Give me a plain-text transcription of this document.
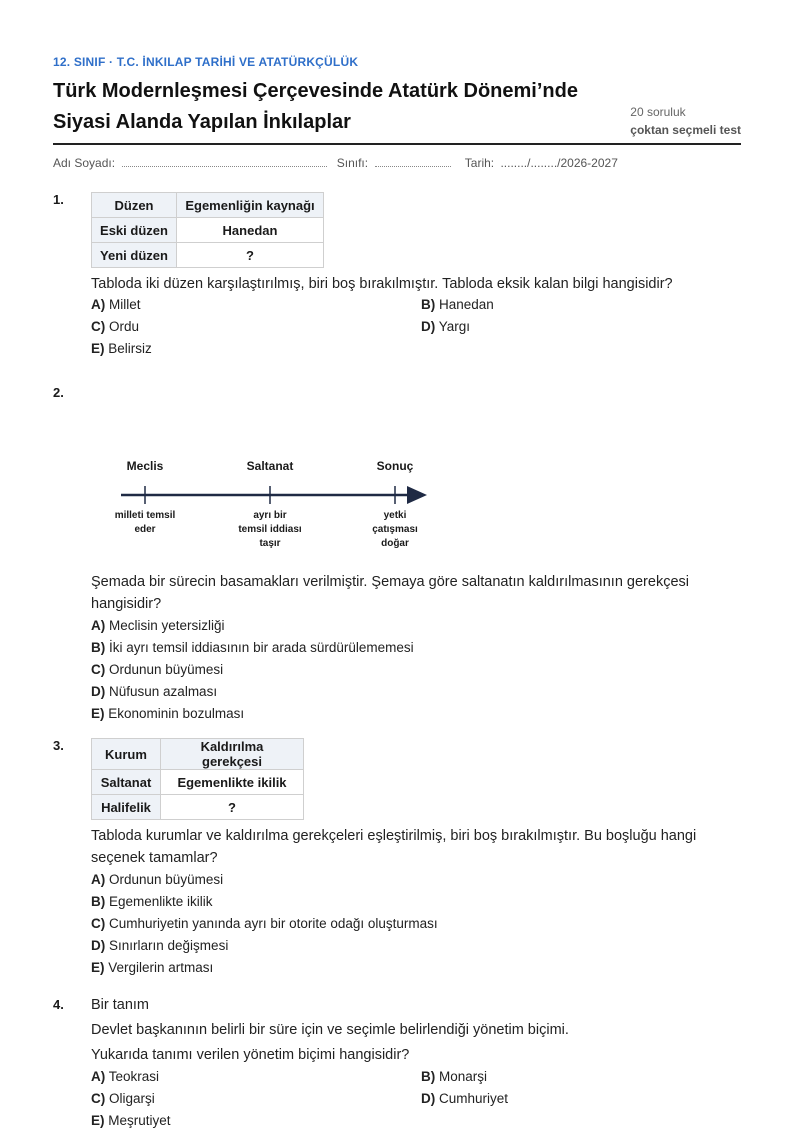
12. SINIF · T.C. İNKILAP TARİHİ VE ATATÜRKÇÜLÜK
Türk Modernleşmesi Çerçevesinde Atatürk Dönemi’nde
Siyasi Alanda Yapılan İnkılaplar	20 soruluk
çoktan seçmeli test
Adı Soyadı:	Sınıfı:	Tarih: ......../......../2026-2027
1.	Düzen	Egemenliğin kaynağı
Eski düzen	Hanedan
Yeni düzen	?
Tabloda iki düzen karşılaştırılmış, biri boş bırakılmıştır. Tabloda eksik kalan bilgi hangisidir?
A) Millet	B) Hanedan
C) Ordu	D) Yargı
E) Belirsiz
2.
Meclis	Saltanat	Sonuç
milleti temsil
eder
ayrı bir
temsil iddiası
taşır
yetki
çatışması
doğar
Şemada bir sürecin basamakları verilmiştir. Şemaya göre saltanatın kaldırılmasının gerekçesi hangisidir?
A) Meclisin yetersizliği
B) İki ayrı temsil iddiasının bir arada sürdürülememesi
C) Ordunun büyümesi
D) Nüfusun azalması
E) Ekonominin bozulması
3.
Kurum	Kaldırılma gerekçesi
Saltanat	Egemenlikte ikilik
Halifelik	?
Tabloda kurumlar ve kaldırılma gerekçeleri eşleştirilmiş, biri boş bırakılmıştır. Bu boşluğu hangi seçenek tamamlar?
A) Ordunun büyümesi
B) Egemenlikte ikilik
C) Cumhuriyetin yanında ayrı bir otorite odağı oluşturması
D) Sınırların değişmesi
E) Vergilerin artması
4. Bir tanım
Devlet başkanının belirli bir süre için ve seçimle belirlendiği yönetim biçimi.
Yukarıda tanımı verilen yönetim biçimi hangisidir?
A) Teokrasi	B) Monarşi
C) Oligarşi	D) Cumhuriyet
E) Meşrutiyet
